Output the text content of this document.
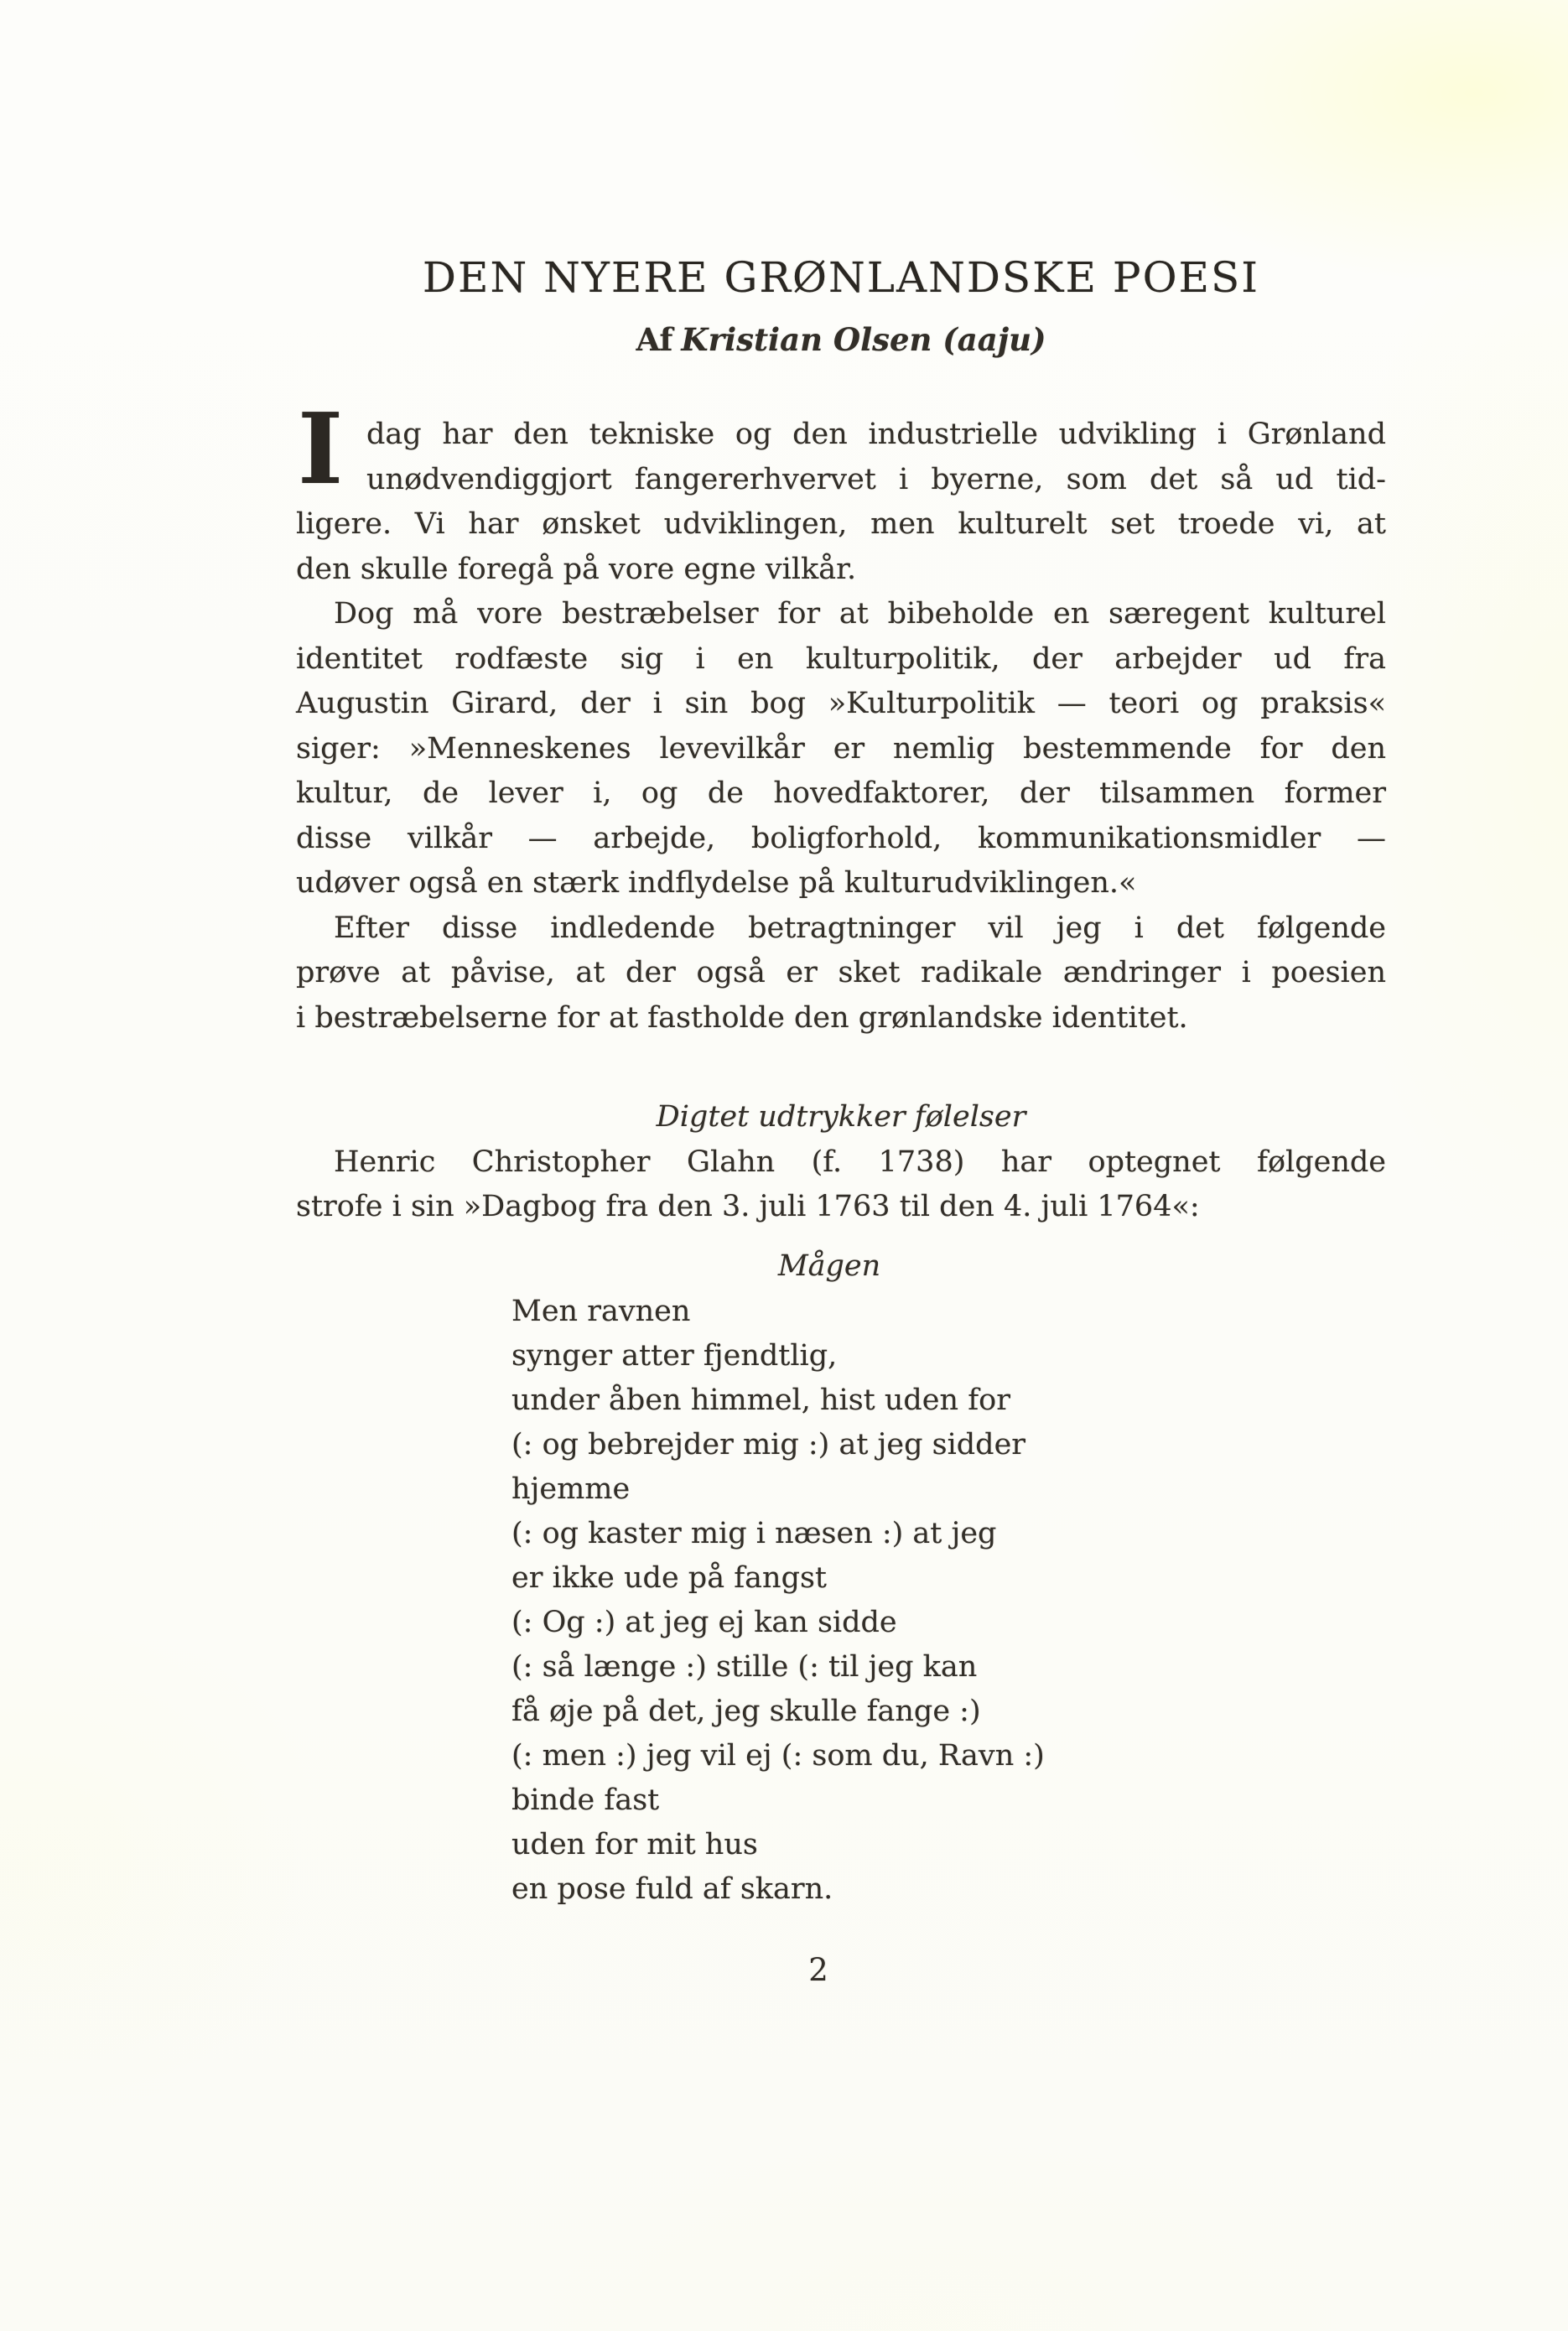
DEN NYERE GRØNLANDSKE POESI
Af Kristian Olsen (aaju)

dag har den tekniske og den industrielle udvikling i Grønland
unødvendiggjort fangererhvervet i byerne, som det så ud tid-
ligere. Vi har ønsket udviklingen, men kulturelt set troede vi, at
den skulle foregå på vore egne vilkår.
I

Dog må vore bestræbelser for at bibeholde en særegent kulturel
identitet rodfæste sig i en kulturpolitik, der arbejder ud fra
Augustin Girard, der i sin bog »Kulturpolitik — teori og praksis«
siger: »Menneskenes levevilkår er nemlig bestemmende for den
kultur, de lever i, og de hovedfaktorer, der tilsammen former
disse vilkår — arbejde, boligforhold, kommunikationsmidler —
udøver også en stærk indflydelse på kulturudviklingen.«

Efter disse indledende betragtninger vil jeg i det følgende
prøve at påvise, at der også er sket radikale ændringer i poesien
i bestræbelserne for at fastholde den grønlandske identitet.

Digtet udtrykker følelser

Henric Christopher Glahn (f. 1738) har optegnet følgende
strofe i sin »Dagbog fra den 3. juli 1763 til den 4. juli 1764«:

Mågen
Men ravnen
synger atter fjendtlig,
under åben himmel, hist uden for
(: og bebrejder mig :) at jeg sidder
hjemme
(: og kaster mig i næsen :) at jeg
er ikke ude på fangst
(: Og :) at jeg ej kan sidde
(: så længe :) stille (: til jeg kan
få øje på det, jeg skulle fange :)
(: men :) jeg vil ej (: som du, Ravn :)
binde fast
uden for mit hus
en pose fuld af skarn.
2
